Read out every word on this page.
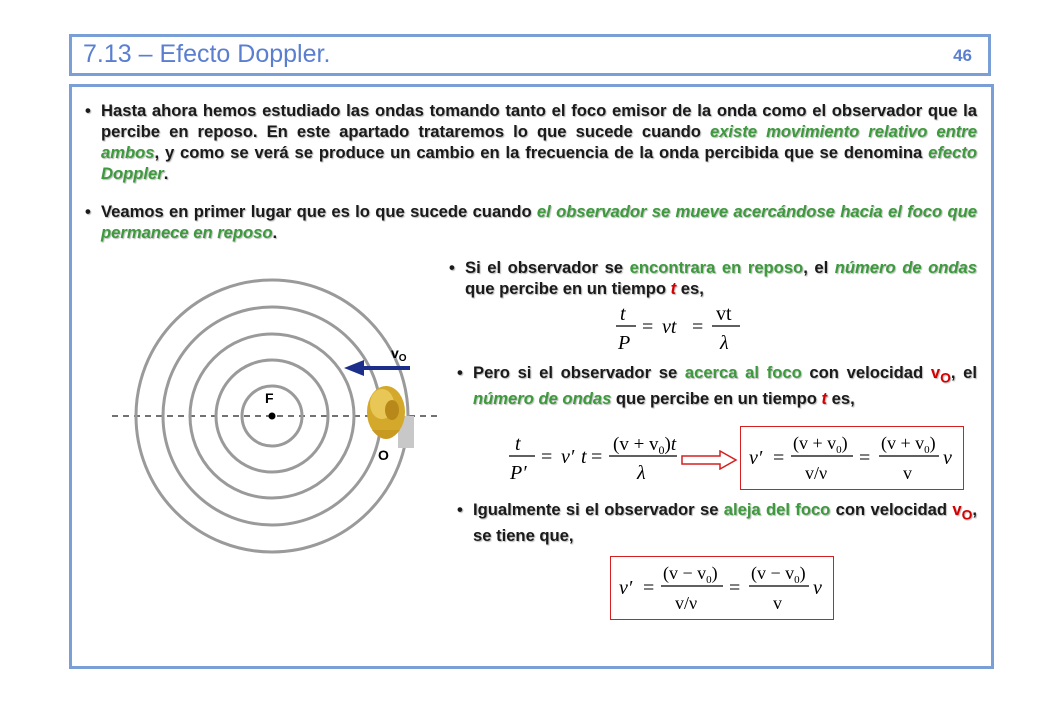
7.13 – Efecto Doppler.	46

• Hasta ahora hemos estudiado las ondas tomando tanto el foco emisor de la onda como el observador que la percibe en reposo. En este apartado trataremos lo que sucede cuando existe movimiento relativo entre ambos, y como se verá se produce un cambio en la frecuencia de la onda percibida que se denomina efecto Doppler.

• Veamos en primer lugar que es lo que sucede cuando el observador se mueve acercándose hacia el foco que permanece en reposo.

• Si el observador se encontrara en reposo, el número de ondas que percibe en un tiempo t es,

• Pero si el observador se acerca al foco con velocidad $v_O$, el número de ondas que percibe en un tiempo t es,

• Igualmente si el observador se aleja del foco con velocidad $v_O$, se tiene que,

F
$v_O$
O
t
P
= νt =
vt
λ
t
P′
= ν′ t =
$(v + v_0)t$
λ
ν′ =
$(v + v_0)$
v/ν
=
$(v + v_0)$
v
ν
ν′ =
$(v - v_0)$
v/ν
=
$(v - v_0)$
v
ν
